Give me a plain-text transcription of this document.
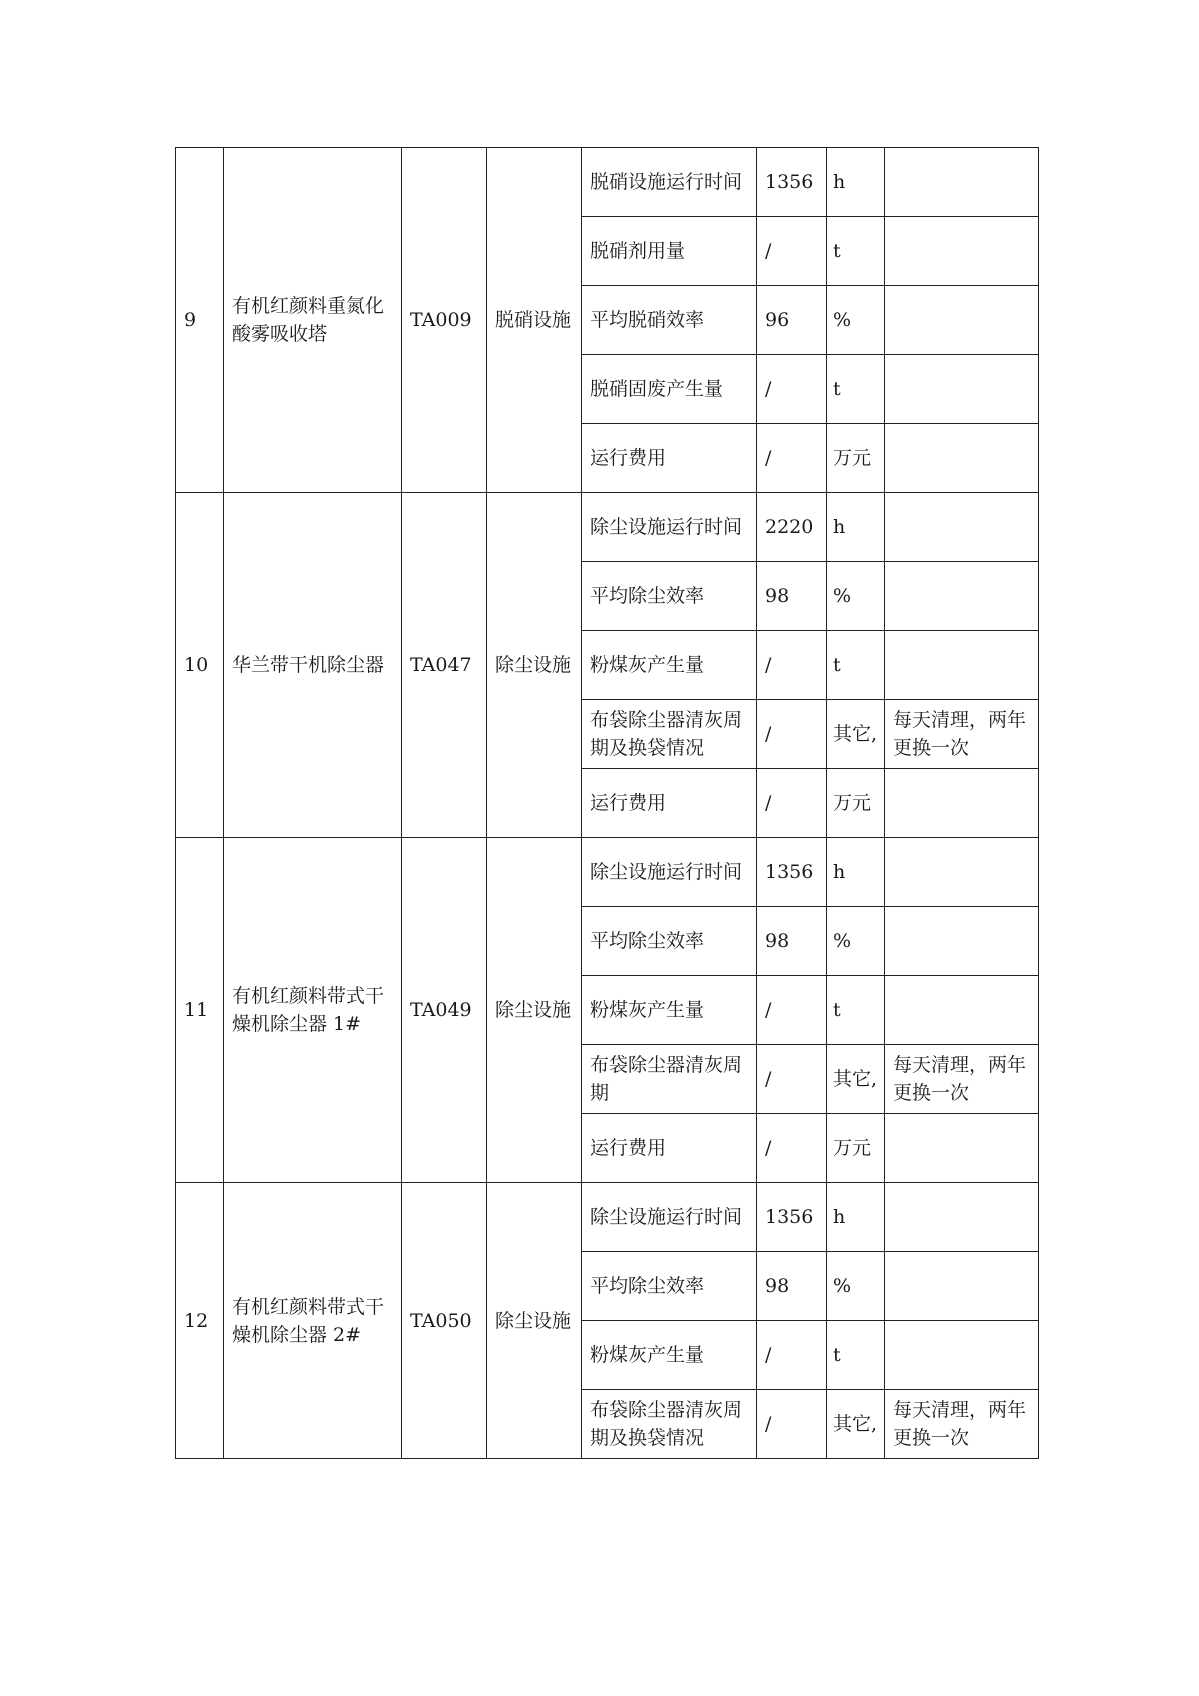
9	有机红颜料重氮化酸雾吸收塔	TA009	脱硝设施	脱硝设施运行时间	1356	h	
				脱硝剂用量	/	t	
				平均脱硝效率	96	%	
				脱硝固废产生量	/	t	
				运行费用	/	万元	
10	华兰带干机除尘器	TA047	除尘设施	除尘设施运行时间	2220	h	
				平均除尘效率	98	%	
				粉煤灰产生量	/	t	
				布袋除尘器清灰周期及换袋情况	/	其它,	每天清理，两年更换一次
				运行费用	/	万元	
11	有机红颜料带式干燥机除尘器 1#	TA049	除尘设施	除尘设施运行时间	1356	h	
				平均除尘效率	98	%	
				粉煤灰产生量	/	t	
				布袋除尘器清灰周期	/	其它,	每天清理，两年更换一次
				运行费用	/	万元	
12	有机红颜料带式干燥机除尘器 2#	TA050	除尘设施	除尘设施运行时间	1356	h	
				平均除尘效率	98	%	
				粉煤灰产生量	/	t	
				布袋除尘器清灰周期及换袋情况	/	其它,	每天清理，两年更换一次
